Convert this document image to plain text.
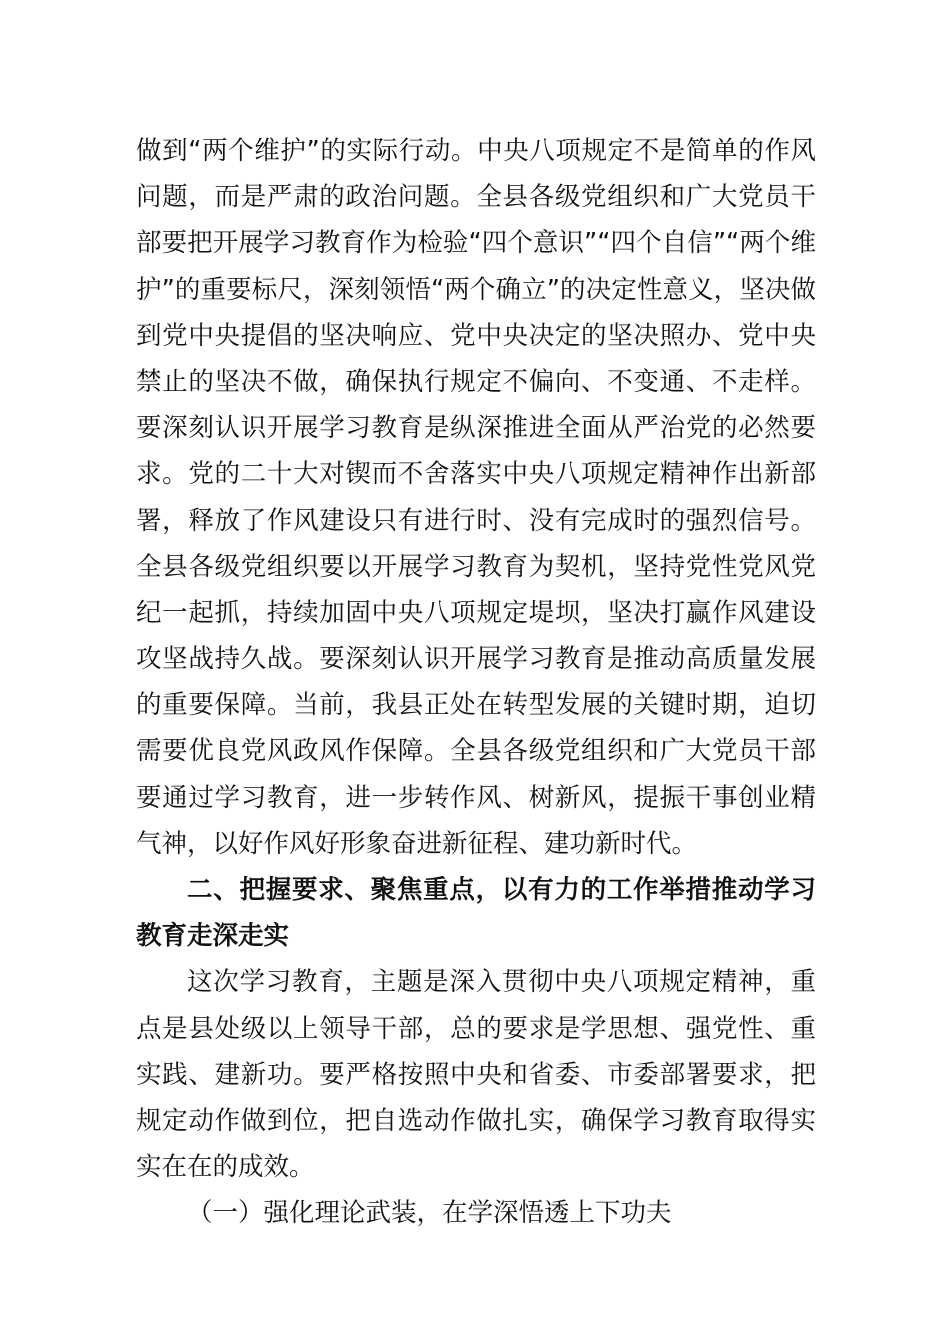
做到“两个维护”的实际行动。中央八项规定不是简单的作风
问题，而是严肃的政治问题。全县各级党组织和广大党员干
部要把开展学习教育作为检验“四个意识”“四个自信”“两个维
护”的重要标尺，深刻领悟“两个确立”的决定性意义，坚决做
到党中央提倡的坚决响应、党中央决定的坚决照办、党中央
禁止的坚决不做，确保执行规定不偏向、不变通、不走样。
要深刻认识开展学习教育是纵深推进全面从严治党的必然要
求。党的二十大对锲而不舍落实中央八项规定精神作出新部
署，释放了作风建设只有进行时、没有完成时的强烈信号。
全县各级党组织要以开展学习教育为契机，坚持党性党风党
纪一起抓，持续加固中央八项规定堤坝，坚决打赢作风建设
攻坚战持久战。要深刻认识开展学习教育是推动高质量发展
的重要保障。当前，我县正处在转型发展的关键时期，迫切
需要优良党风政风作保障。全县各级党组织和广大党员干部
要通过学习教育，进一步转作风、树新风，提振干事创业精
气神，以好作风好形象奋进新征程、建功新时代。
二、把握要求、聚焦重点，以有力的工作举措推动学习
教育走深走实
这次学习教育，主题是深入贯彻中央八项规定精神，重
点是县处级以上领导干部，总的要求是学思想、强党性、重
实践、建新功。要严格按照中央和省委、市委部署要求，把
规定动作做到位，把自选动作做扎实，确保学习教育取得实
实在在的成效。
（一）强化理论武装，在学深悟透上下功夫
